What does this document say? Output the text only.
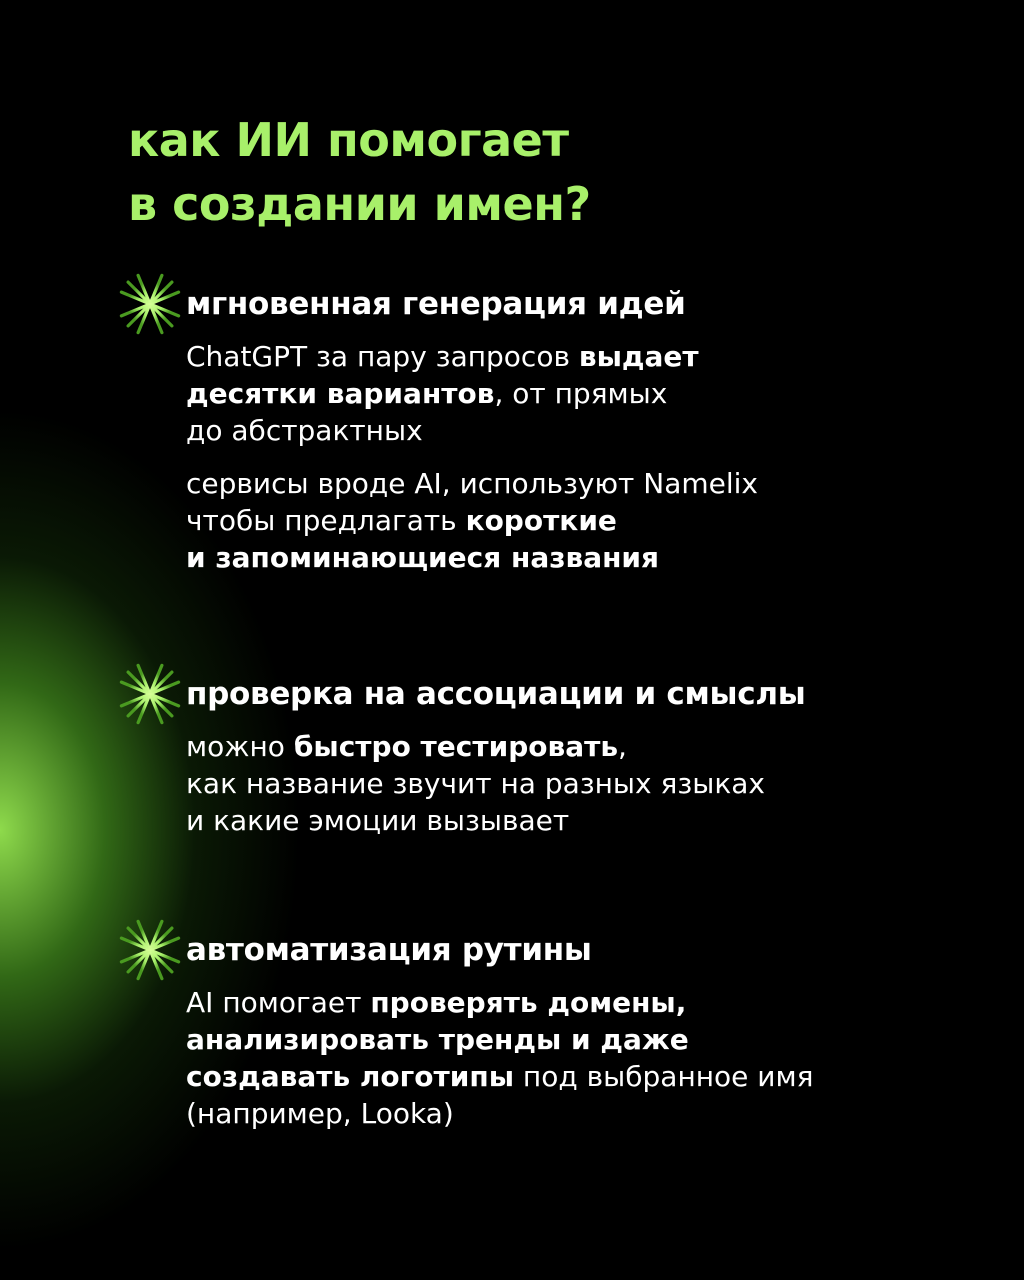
как ИИ помогает
в создании имен?
мгновенная генерация идей

ChatGPT за пару запросов выдает
десятки вариантов, от прямых
до абстрактных

сервисы вроде AI, используют Namelix
чтобы предлагать короткие
и запоминающиеся названия

проверка на ассоциации и смыслы

можно быстро тестировать,
как название звучит на разных языках
и какие эмоции вызывает

автоматизация рутины

AI помогает проверять домены,
анализировать тренды и даже
создавать логотипы под выбранное имя
(например, Looka)
